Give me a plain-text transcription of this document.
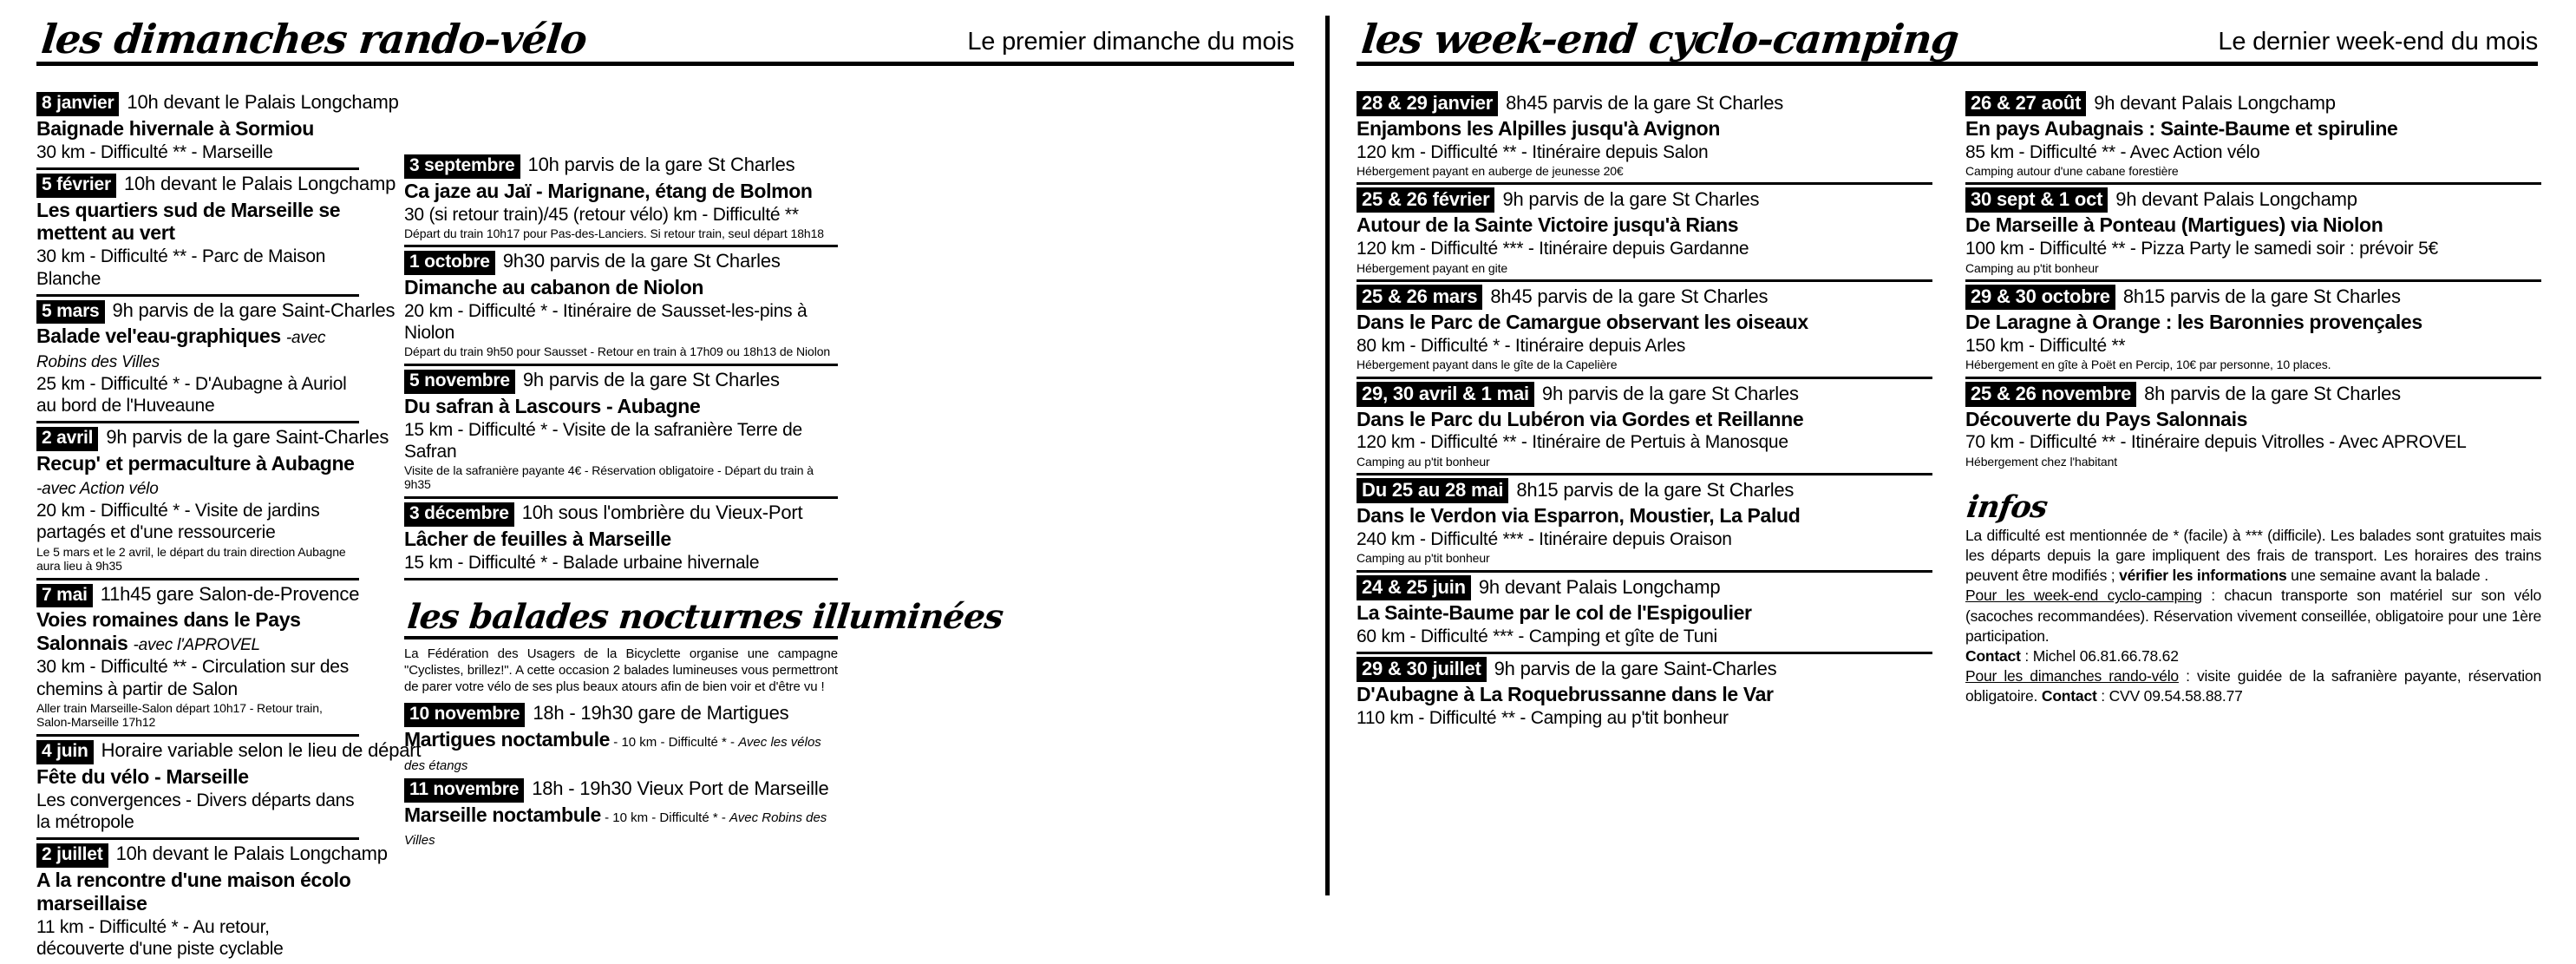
les dimanches rando-vélo	Le premier dimanche du mois
8 janvier 10h devant le Palais Longchamp
Baignade hivernale à Sormiou
30 km - Difficulté ** - Marseille
5 février 10h devant le Palais Longchamp
Les quartiers sud de Marseille se mettent au vert
30 km - Difficulté ** - Parc de Maison Blanche
5 mars 9h parvis de la gare Saint-Charles
Balade vel'eau-graphiques -avec Robins des Villes
25 km - Difficulté * - D'Aubagne à Auriol au bord de l'Huveaune
2 avril 9h parvis de la gare Saint-Charles
Recup' et permaculture à Aubagne -avec Action vélo
20 km - Difficulté * - Visite de jardins partagés et d'une ressourcerie
Le 5 mars et le 2 avril, le départ du train direction Aubagne aura lieu à 9h35
7 mai 11h45 gare Salon-de-Provence
Voies romaines dans le Pays Salonnais -avec l'APROVEL
30 km - Difficulté ** - Circulation sur des chemins à partir de Salon
Aller train Marseille-Salon départ 10h17 - Retour train, Salon-Marseille 17h12
4 juin Horaire variable selon le lieu de départ
Fête du vélo - Marseille
Les convergences - Divers départs dans la métropole
2 juillet 10h devant le Palais Longchamp
A la rencontre d'une maison écolo marseillaise
11 km - Difficulté * - Au retour, découverte d'une piste cyclable
3 septembre 10h parvis de la gare St Charles
Ca jaze au Jaï - Marignane, étang de Bolmon
30 (si retour train)/45 (retour vélo) km - Difficulté **
Départ du train 10h17 pour Pas-des-Lanciers. Si retour train, seul départ 18h18
1 octobre 9h30 parvis de la gare St Charles
Dimanche au cabanon de Niolon
20 km - Difficulté * - Itinéraire de Sausset-les-pins à Niolon
Départ du train 9h50 pour Sausset - Retour en train à 17h09 ou 18h13 de Niolon
5 novembre 9h parvis de la gare St Charles
Du safran à Lascours - Aubagne
15 km - Difficulté * - Visite de la safranière Terre de Safran
Visite de la safranière payante 4€ - Réservation obligatoire - Départ du train à 9h35
3 décembre 10h sous l'ombrière du Vieux-Port
Lâcher de feuilles à Marseille
15 km - Difficulté * - Balade urbaine hivernale
les balades nocturnes illuminées
La Fédération des Usagers de la Bicyclette organise une campagne "Cyclistes, brillez!". A cette occasion 2 balades lumineuses vous permettront de parer votre vélo de ses plus beaux atours afin de bien voir et d'être vu !
10 novembre 18h - 19h30 gare de Martigues
Martigues noctambule - 10 km - Difficulté * - Avec les vélos des étangs
11 novembre 18h - 19h30 Vieux Port de Marseille
Marseille noctambule - 10 km - Difficulté * - Avec Robins des Villes
les week-end cyclo-camping	Le dernier week-end du mois
28 & 29 janvier 8h45 parvis de la gare St Charles
Enjambons les Alpilles jusqu'à Avignon
120 km - Difficulté ** - Itinéraire depuis Salon
Hébergement payant en auberge de jeunesse 20€
25 & 26 février 9h parvis de la gare St Charles
Autour de la Sainte Victoire jusqu'à Rians
120 km - Difficulté *** - Itinéraire depuis Gardanne
Hébergement payant en gite
25 & 26 mars 8h45 parvis de la gare St Charles
Dans le Parc de Camargue observant les oiseaux
80 km - Difficulté * - Itinéraire depuis Arles
Hébergement payant dans le gîte de la Capelière
29, 30 avril & 1 mai 9h parvis de la gare St Charles
Dans le Parc du Lubéron via Gordes et Reillanne
120 km - Difficulté ** - Itinéraire de Pertuis à Manosque
Camping au p'tit bonheur
Du 25 au 28 mai 8h15 parvis de la gare St Charles
Dans le Verdon via Esparron, Moustier, La Palud
240 km - Difficulté *** - Itinéraire depuis Oraison
Camping au p'tit bonheur
24 & 25 juin 9h devant Palais Longchamp
La Sainte-Baume par le col de l'Espigoulier
60 km - Difficulté *** - Camping et gîte de Tuni
29 & 30 juillet 9h parvis de la gare Saint-Charles
D'Aubagne à La Roquebrussanne dans le Var
110 km - Difficulté ** - Camping au p'tit bonheur
26 & 27 août 9h devant Palais Longchamp
En pays Aubagnais : Sainte-Baume et spiruline
85 km - Difficulté ** - Avec Action vélo
Camping autour d'une cabane forestière
30 sept & 1 oct 9h devant Palais Longchamp
De Marseille à Ponteau (Martigues) via Niolon
100 km - Difficulté ** - Pizza Party le samedi soir : prévoir 5€
Camping au p'tit bonheur
29 & 30 octobre 8h15 parvis de la gare St Charles
De Laragne à Orange : les Baronnies provençales
150 km - Difficulté **
Hébergement en gîte à Poët en Percip, 10€ par personne, 10 places.
25 & 26 novembre 8h parvis de la gare St Charles
Découverte du Pays Salonnais
70 km - Difficulté ** - Itinéraire depuis Vitrolles - Avec APROVEL
Hébergement chez l'habitant
infos

La difficulté est mentionnée de * (facile) à *** (difficile). Les balades sont gratuites mais les départs depuis la gare impliquent des frais de transport. Les horaires des trains peuvent être modifiés ; vérifier les informations une semaine avant la balade .

Pour les week-end cyclo-camping : chacun transporte son matériel sur son vélo (sacoches recommandées). Réservation vivement conseillée, obligatoire pour une 1ère participation.

Contact : Michel 06.81.66.78.62

Pour les dimanches rando-vélo : visite guidée de la safranière payante, réservation obligatoire. Contact : CVV 09.54.58.88.77
